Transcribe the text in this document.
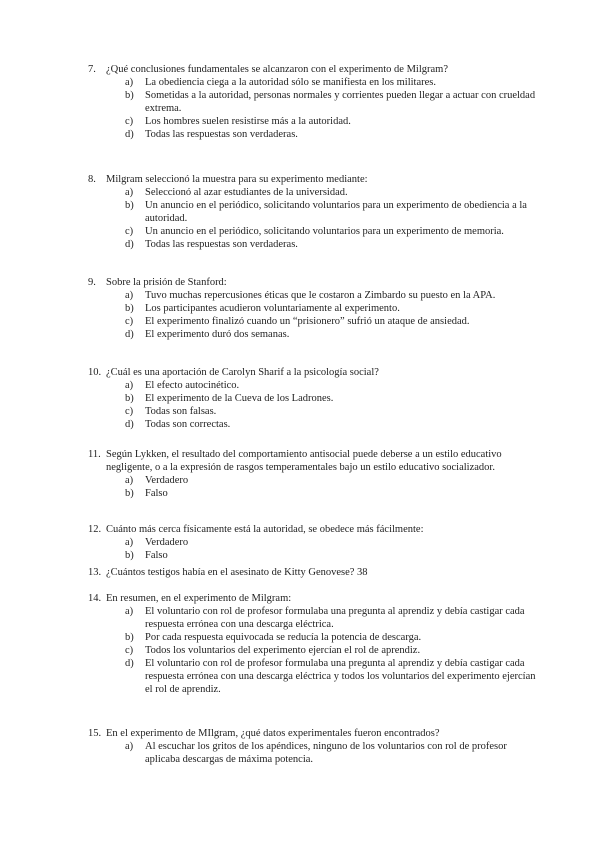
7. ¿Qué conclusiones fundamentales se alcanzaron con el experimento de Milgram?
a)	La obediencia ciega a la autoridad sólo se manifiesta en los militares.
b)	Sometidas a la autoridad, personas normales y corrientes pueden llegar a actuar con crueldad extrema.
c)	Los hombres suelen resistirse más a la autoridad.
d)	Todas las respuestas son verdaderas.
8. Milgram seleccionó la muestra para su experimento mediante:
a)	Seleccionó al azar estudiantes de la universidad.
b)	Un anuncio en el periódico, solicitando voluntarios para un experimento de obediencia a la autoridad.
c)	Un anuncio en el periódico, solicitando voluntarios para un experimento de memoria.
d)	Todas las respuestas son verdaderas.
9. Sobre la prisión de Stanford:
a)	Tuvo muchas repercusiones éticas que le costaron a Zimbardo su puesto en la APA.
b)	Los participantes acudieron voluntariamente al experimento.
c)	El experimento finalizó cuando un “prisionero” sufrió un ataque de ansiedad.
d)	El experimento duró dos semanas.
10. ¿Cuál es una aportación de Carolyn Sharif a la psicología social?
a)	El efecto autocinético.
b)	El experimento de la Cueva de los Ladrones.
c)	Todas son falsas.
d)	Todas son correctas.
11. Según Lykken, el resultado del comportamiento antisocial puede deberse a un estilo educativo negligente, o a la expresión de rasgos temperamentales bajo un estilo educativo socializador.
a)	Verdadero
b)	Falso
12. Cuánto más cerca físicamente está la autoridad, se obedece más fácilmente:
a)	Verdadero
b)	Falso
13. ¿Cuántos testigos había en el asesinato de Kitty Genovese? 38
14. En resumen, en el experimento de Milgram:
a)	El voluntario con rol de profesor formulaba una pregunta al aprendiz y debía castigar cada respuesta errónea con una descarga eléctrica.
b)	Por cada respuesta equivocada se reducía la potencia de descarga.
c)	Todos los voluntarios del experimento ejercían el rol de aprendiz.
d)	El voluntario con rol de profesor formulaba una pregunta al aprendiz y debía castigar cada respuesta errónea con una descarga eléctrica y todos los voluntarios del experimento ejercían el rol de aprendiz.
15. En el experimento de MIlgram, ¿qué datos experimentales fueron encontrados?
a)	Al escuchar los gritos de los apéndices, ninguno de los voluntarios con rol de profesor aplicaba descargas de máxima potencia.
